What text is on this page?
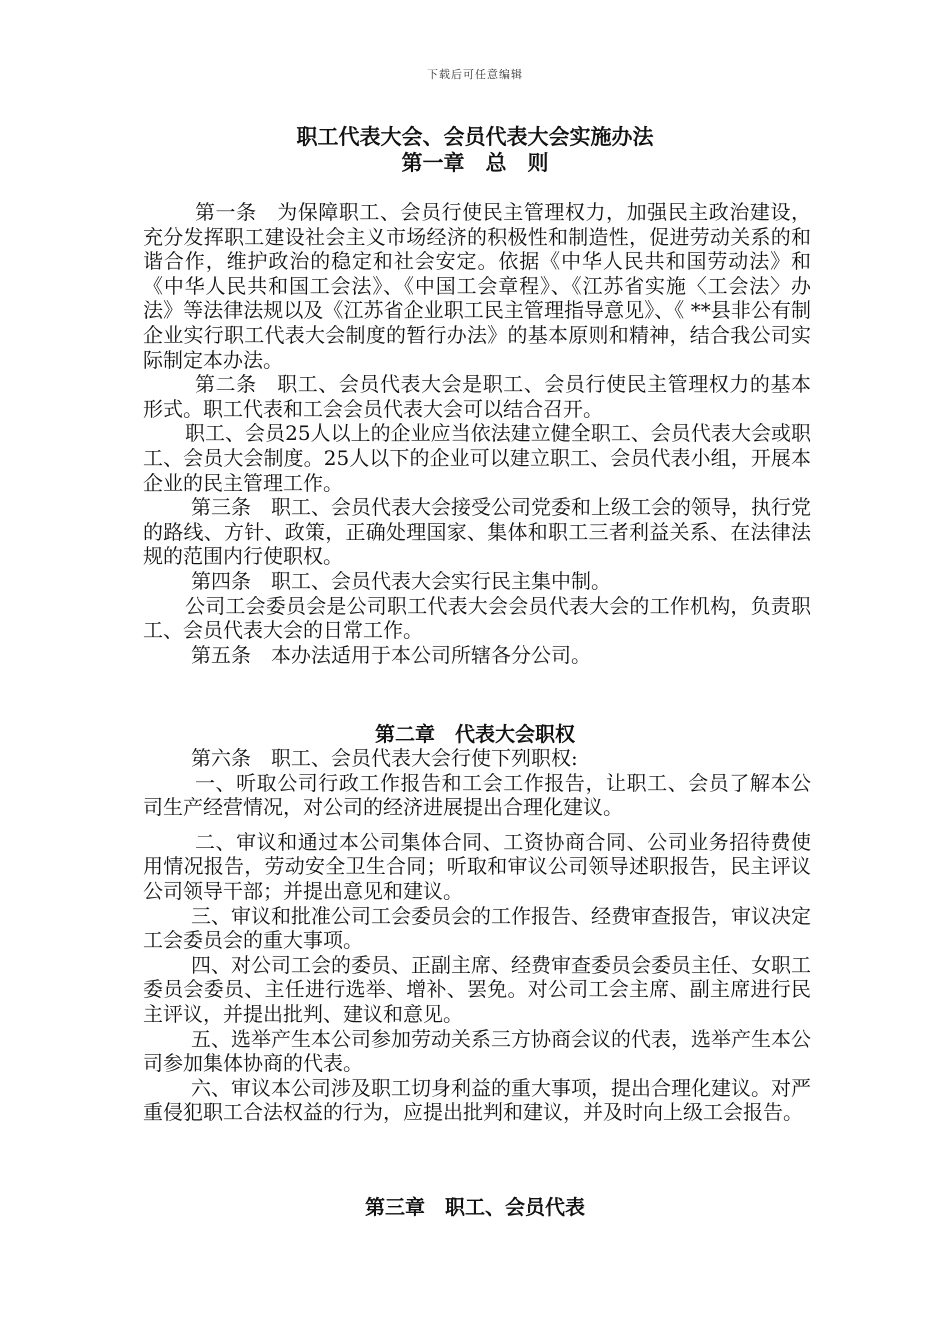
下载后可任意编辑
职工代表大会、会员代表大会实施办法
第一章　总　则

第一条　为保障职工、会员行使民主管理权力，加强民主政治建设，充分发挥职工建设社会主义市场经济的积极性和制造性，促进劳动关系的和谐合作，维护政治的稳定和社会安定。依据《中华人民共和国劳动法》和《中华人民共和国工会法》、《中国工会章程》、《江苏省实施〈工会法〉办法》等法律法规以及《江苏省企业职工民主管理指导意见》、《 **县非公有制企业实行职工代表大会制度的暂行办法》的基本原则和精神，结合我公司实际制定本办法。

第二条　职工、会员代表大会是职工、会员行使民主管理权力的基本形式。职工代表和工会会员代表大会可以结合召开。

职工、会员25人以上的企业应当依法建立健全职工、会员代表大会或职工、会员大会制度。25人以下的企业可以建立职工、会员代表小组，开展本企业的民主管理工作。

第三条　职工、会员代表大会接受公司党委和上级工会的领导，执行党的路线、方针、政策，正确处理国家、集体和职工三者利益关系、在法律法规的范围内行使职权。

第四条　职工、会员代表大会实行民主集中制。

公司工会委员会是公司职工代表大会会员代表大会的工作机构，负责职工、会员代表大会的日常工作。

第五条　本办法适用于本公司所辖各分公司。

第二章　代表大会职权

第六条　职工、会员代表大会行使下列职权:

一、听取公司行政工作报告和工会工作报告，让职工、会员了解本公司生产经营情况，对公司的经济进展提出合理化建议。

二、审议和通过本公司集体合同、工资协商合同、公司业务招待费使用情况报告，劳动安全卫生合同；听取和审议公司领导述职报告，民主评议公司领导干部；并提出意见和建议。

三、审议和批准公司工会委员会的工作报告、经费审查报告，审议决定工会委员会的重大事项。

四、对公司工会的委员、正副主席、经费审查委员会委员主任、女职工委员会委员、主任进行选举、增补、罢免。对公司工会主席、副主席进行民主评议，并提出批判、建议和意见。

五、选举产生本公司参加劳动关系三方协商会议的代表，选举产生本公司参加集体协商的代表。

六、审议本公司涉及职工切身利益的重大事项，提出合理化建议。对严重侵犯职工合法权益的行为，应提出批判和建议，并及时向上级工会报告。

第三章　职工、会员代表
